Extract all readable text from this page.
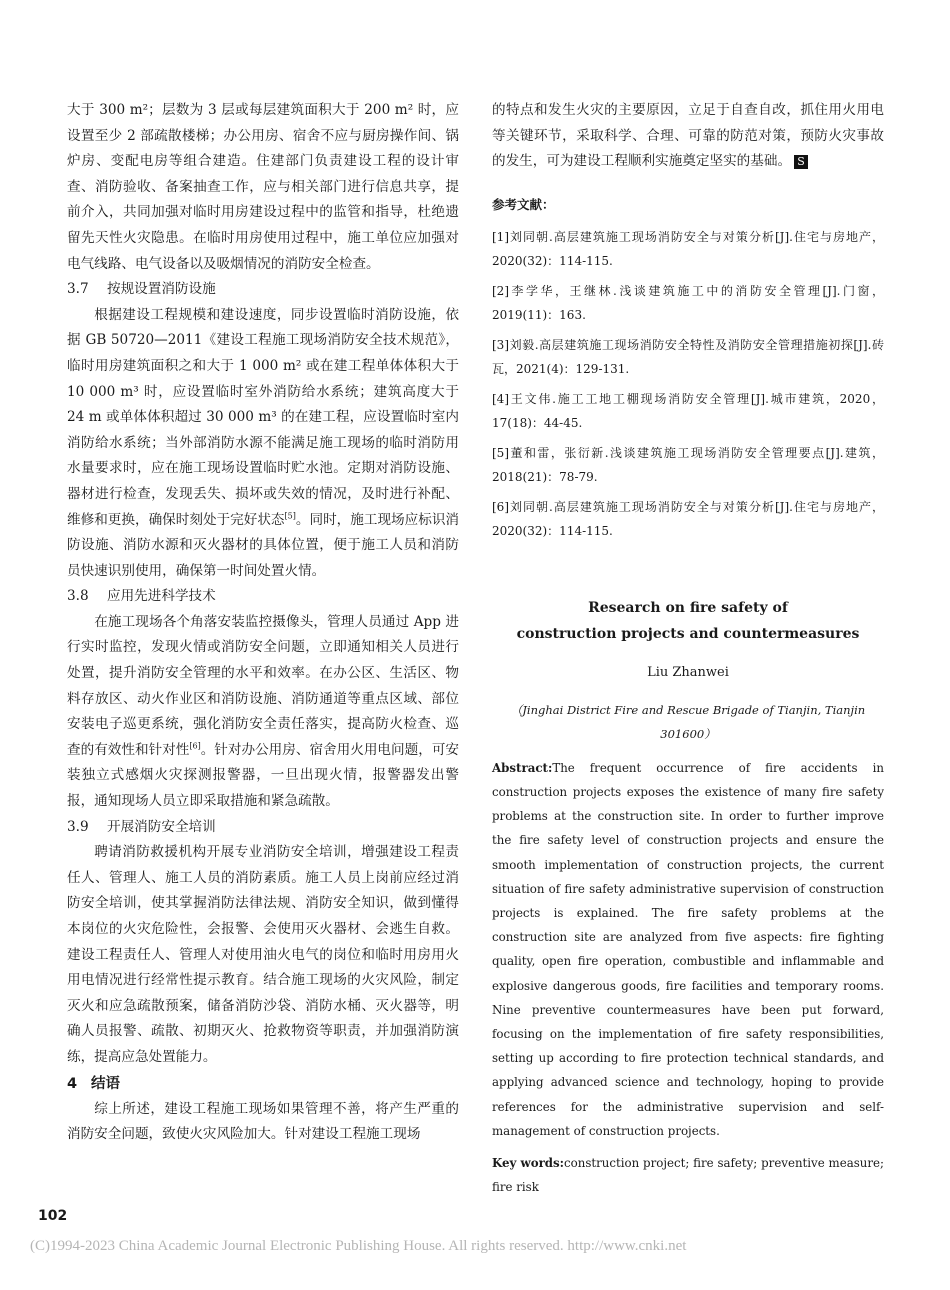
大于 300 m²；层数为 3 层或每层建筑面积大于 200 m² 时，应设置至少 2 部疏散楼梯；办公用房、宿舍不应与厨房操作间、锅炉房、变配电房等组合建造。住建部门负责建设工程的设计审查、消防验收、备案抽查工作，应与相关部门进行信息共享，提前介入，共同加强对临时用房建设过程中的监管和指导，杜绝遗留先天性火灾隐患。在临时用房使用过程中，施工单位应加强对电气线路、电气设备以及吸烟情况的消防安全检查。

3.7 按规设置消防设施

根据建设工程规模和建设速度，同步设置临时消防设施，依据 GB 50720—2011《建设工程施工现场消防安全技术规范》，临时用房建筑面积之和大于 1 000 m² 或在建工程单体体积大于 10 000 m³ 时，应设置临时室外消防给水系统；建筑高度大于 24 m 或单体体积超过 30 000 m³ 的在建工程，应设置临时室内消防给水系统；当外部消防水源不能满足施工现场的临时消防用水量要求时，应在施工现场设置临时贮水池。定期对消防设施、器材进行检查，发现丢失、损坏或失效的情况，及时进行补配、维修和更换，确保时刻处于完好状态[5]。同时，施工现场应标识消防设施、消防水源和灭火器材的具体位置，便于施工人员和消防员快速识别使用，确保第一时间处置火情。

3.8 应用先进科学技术

在施工现场各个角落安装监控摄像头，管理人员通过 App 进行实时监控，发现火情或消防安全问题，立即通知相关人员进行处置，提升消防安全管理的水平和效率。在办公区、生活区、物料存放区、动火作业区和消防设施、消防通道等重点区域、部位安装电子巡更系统，强化消防安全责任落实，提高防火检查、巡查的有效性和针对性[6]。针对办公用房、宿舍用火用电问题，可安装独立式感烟火灾探测报警器，一旦出现火情，报警器发出警报，通知现场人员立即采取措施和紧急疏散。

3.9 开展消防安全培训

聘请消防救援机构开展专业消防安全培训，增强建设工程责任人、管理人、施工人员的消防素质。施工人员上岗前应经过消防安全培训，使其掌握消防法律法规、消防安全知识，做到懂得本岗位的火灾危险性，会报警、会使用灭火器材、会逃生自救。建设工程责任人、管理人对使用油火电气的岗位和临时用房用火用电情况进行经常性提示教育。结合施工现场的火灾风险，制定灭火和应急疏散预案，储备消防沙袋、消防水桶、灭火器等，明确人员报警、疏散、初期灭火、抢救物资等职责，并加强消防演练，提高应急处置能力。

4 结语

综上所述，建设工程施工现场如果管理不善，将产生严重的消防安全问题，致使火灾风险加大。针对建设工程施工现场

的特点和发生火灾的主要原因，立足于自查自改，抓住用火用电等关键环节，采取科学、合理、可靠的防范对策，预防火灾事故的发生，可为建设工程顺利实施奠定坚实的基础。 S

参考文献：

[1]刘同朝.高层建筑施工现场消防安全与对策分析[J].住宅与房地产，2020(32)：114-115.

[2]李学华，王继林.浅谈建筑施工中的消防安全管理[J].门窗，2019(11)：163.

[3]刘毅.高层建筑施工现场消防安全特性及消防安全管理措施初探[J].砖瓦，2021(4)：129-131.

[4]王文伟.施工工地工棚现场消防安全管理[J].城市建筑，2020，17(18)：44-45.

[5]董和雷，张衍新.浅谈建筑施工现场消防安全管理要点[J].建筑，2018(21)：78-79.

[6]刘同朝.高层建筑施工现场消防安全与对策分析[J].住宅与房地产，2020(32)：114-115.

Research on fire safety of
construction projects and countermeasures

Liu Zhanwei

（Jinghai District Fire and Rescue Brigade of Tianjin, Tianjin 301600）

Abstract:The frequent occurrence of fire accidents in construction projects exposes the existence of many fire safety problems at the construction site. In order to further improve the fire safety level of construction projects and ensure the smooth implementation of construction projects, the current situation of fire safety administrative supervision of construction projects is explained. The fire safety problems at the construction site are analyzed from five aspects: fire fighting quality, open fire operation, combustible and inflammable and explosive dangerous goods, fire facilities and temporary rooms. Nine preventive countermeasures have been put forward, focusing on the implementation of fire safety responsibilities, setting up according to fire protection technical standards, and applying advanced science and technology, hoping to provide references for the administrative supervision and self-management of construction projects.

Key words:construction project; fire safety; preventive measure; fire risk

102
(C)1994-2023 China Academic Journal Electronic Publishing House. All rights reserved. http://www.cnki.net
